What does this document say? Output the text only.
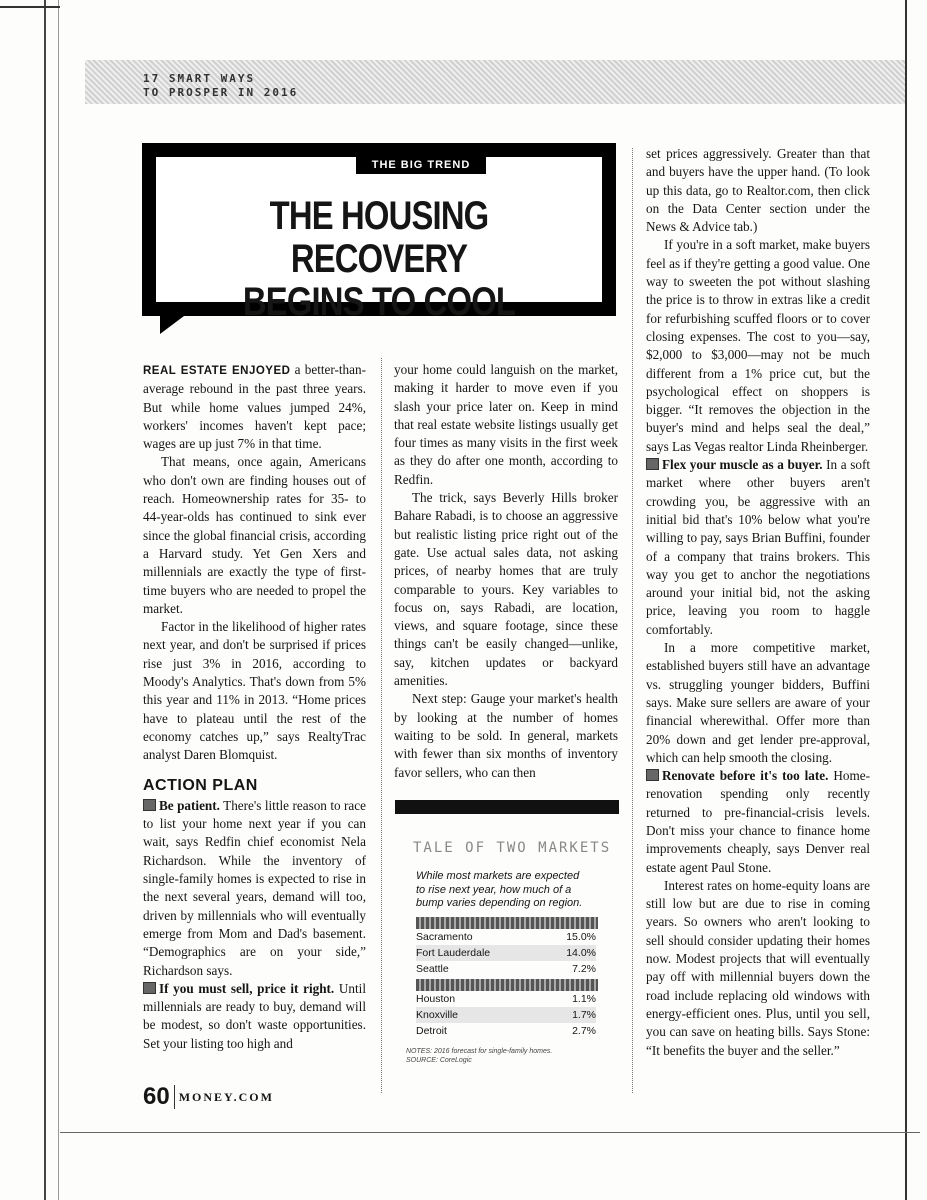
17 SMART WAYS
TO PROSPER IN 2016
THE BIG TREND
THE HOUSING RECOVERY
BEGINS TO COOL

REAL ESTATE ENJOYED a better-than-average rebound in the past three years. But while home values jumped 24%, workers' incomes haven't kept pace; wages are up just 7% in that time.

That means, once again, Americans who don't own are finding houses out of reach. Homeownership rates for 35- to 44-year-olds has continued to sink ever since the global financial crisis, according a Harvard study. Yet Gen Xers and millennials are exactly the type of first-time buyers who are needed to propel the market.

Factor in the likelihood of higher rates next year, and don't be surprised if prices rise just 3% in 2016, according to Moody's Analytics. That's down from 5% this year and 11% in 2013. “Home prices have to plateau until the rest of the economy catches up,” says RealtyTrac analyst Daren Blomquist.

ACTION PLAN

Be patient. There's little reason to race to list your home next year if you can wait, says Redfin chief economist Nela Richardson. While the inventory of single-family homes is expected to rise in the next several years, demand will too, driven by millennials who will eventually emerge from Mom and Dad's basement. “Demographics are on your side,” Richardson says.

If you must sell, price it right. Until millennials are ready to buy, demand will be modest, so don't waste opportunities. Set your listing too high and

your home could languish on the market, making it harder to move even if you slash your price later on. Keep in mind that real estate website listings usually get four times as many visits in the first week as they do after one month, according to Redfin.

The trick, says Beverly Hills broker Bahare Rabadi, is to choose an aggressive but realistic listing price right out of the gate. Use actual sales data, not asking prices, of nearby homes that are truly comparable to yours. Key variables to focus on, says Rabadi, are location, views, and square footage, since these things can't be easily changed—unlike, say, kitchen updates or backyard amenities.

Next step: Gauge your market's health by looking at the number of homes waiting to be sold. In general, markets with fewer than six months of inventory favor sellers, who can then

TALE OF TWO MARKETS
While most markets are expected to rise next year, how much of a bump varies depending on region.
Sacramento	15.0%
Fort Lauderdale	14.0%
Seattle	7.2%
Houston	1.1%
Knoxville	1.7%
Detroit	2.7%
NOTES: 2016 forecast for single-family homes.
SOURCE: CoreLogic

set prices aggressively. Greater than that and buyers have the upper hand. (To look up this data, go to Realtor.com, then click on the Data Center section under the News & Advice tab.)

If you're in a soft market, make buyers feel as if they're getting a good value. One way to sweeten the pot without slashing the price is to throw in extras like a credit for refurbishing scuffed floors or to cover closing expenses. The cost to you—say, $2,000 to $3,000—may not be much different from a 1% price cut, but the psychological effect on shoppers is bigger. “It removes the objection in the buyer's mind and helps seal the deal,” says Las Vegas realtor Linda Rheinberger.

Flex your muscle as a buyer. In a soft market where other buyers aren't crowding you, be aggressive with an initial bid that's 10% below what you're willing to pay, says Brian Buffini, founder of a company that trains brokers. This way you get to anchor the negotiations around your initial bid, not the asking price, leaving you room to haggle comfortably.

In a more competitive market, established buyers still have an advantage vs. struggling younger bidders, Buffini says. Make sure sellers are aware of your financial wherewithal. Offer more than 20% down and get lender pre-approval, which can help smooth the closing.

Renovate before it's too late. Home-renovation spending only recently returned to pre-financial-crisis levels. Don't miss your chance to finance home improvements cheaply, says Denver real estate agent Paul Stone.

Interest rates on home-equity loans are still low but are due to rise in coming years. So owners who aren't looking to sell should consider updating their homes now. Modest projects that will eventually pay off with millennial buyers down the road include replacing old windows with energy-efficient ones. Plus, until you sell, you can save on heating bills. Says Stone: “It benefits the buyer and the seller.”

60 MONEY.COM
